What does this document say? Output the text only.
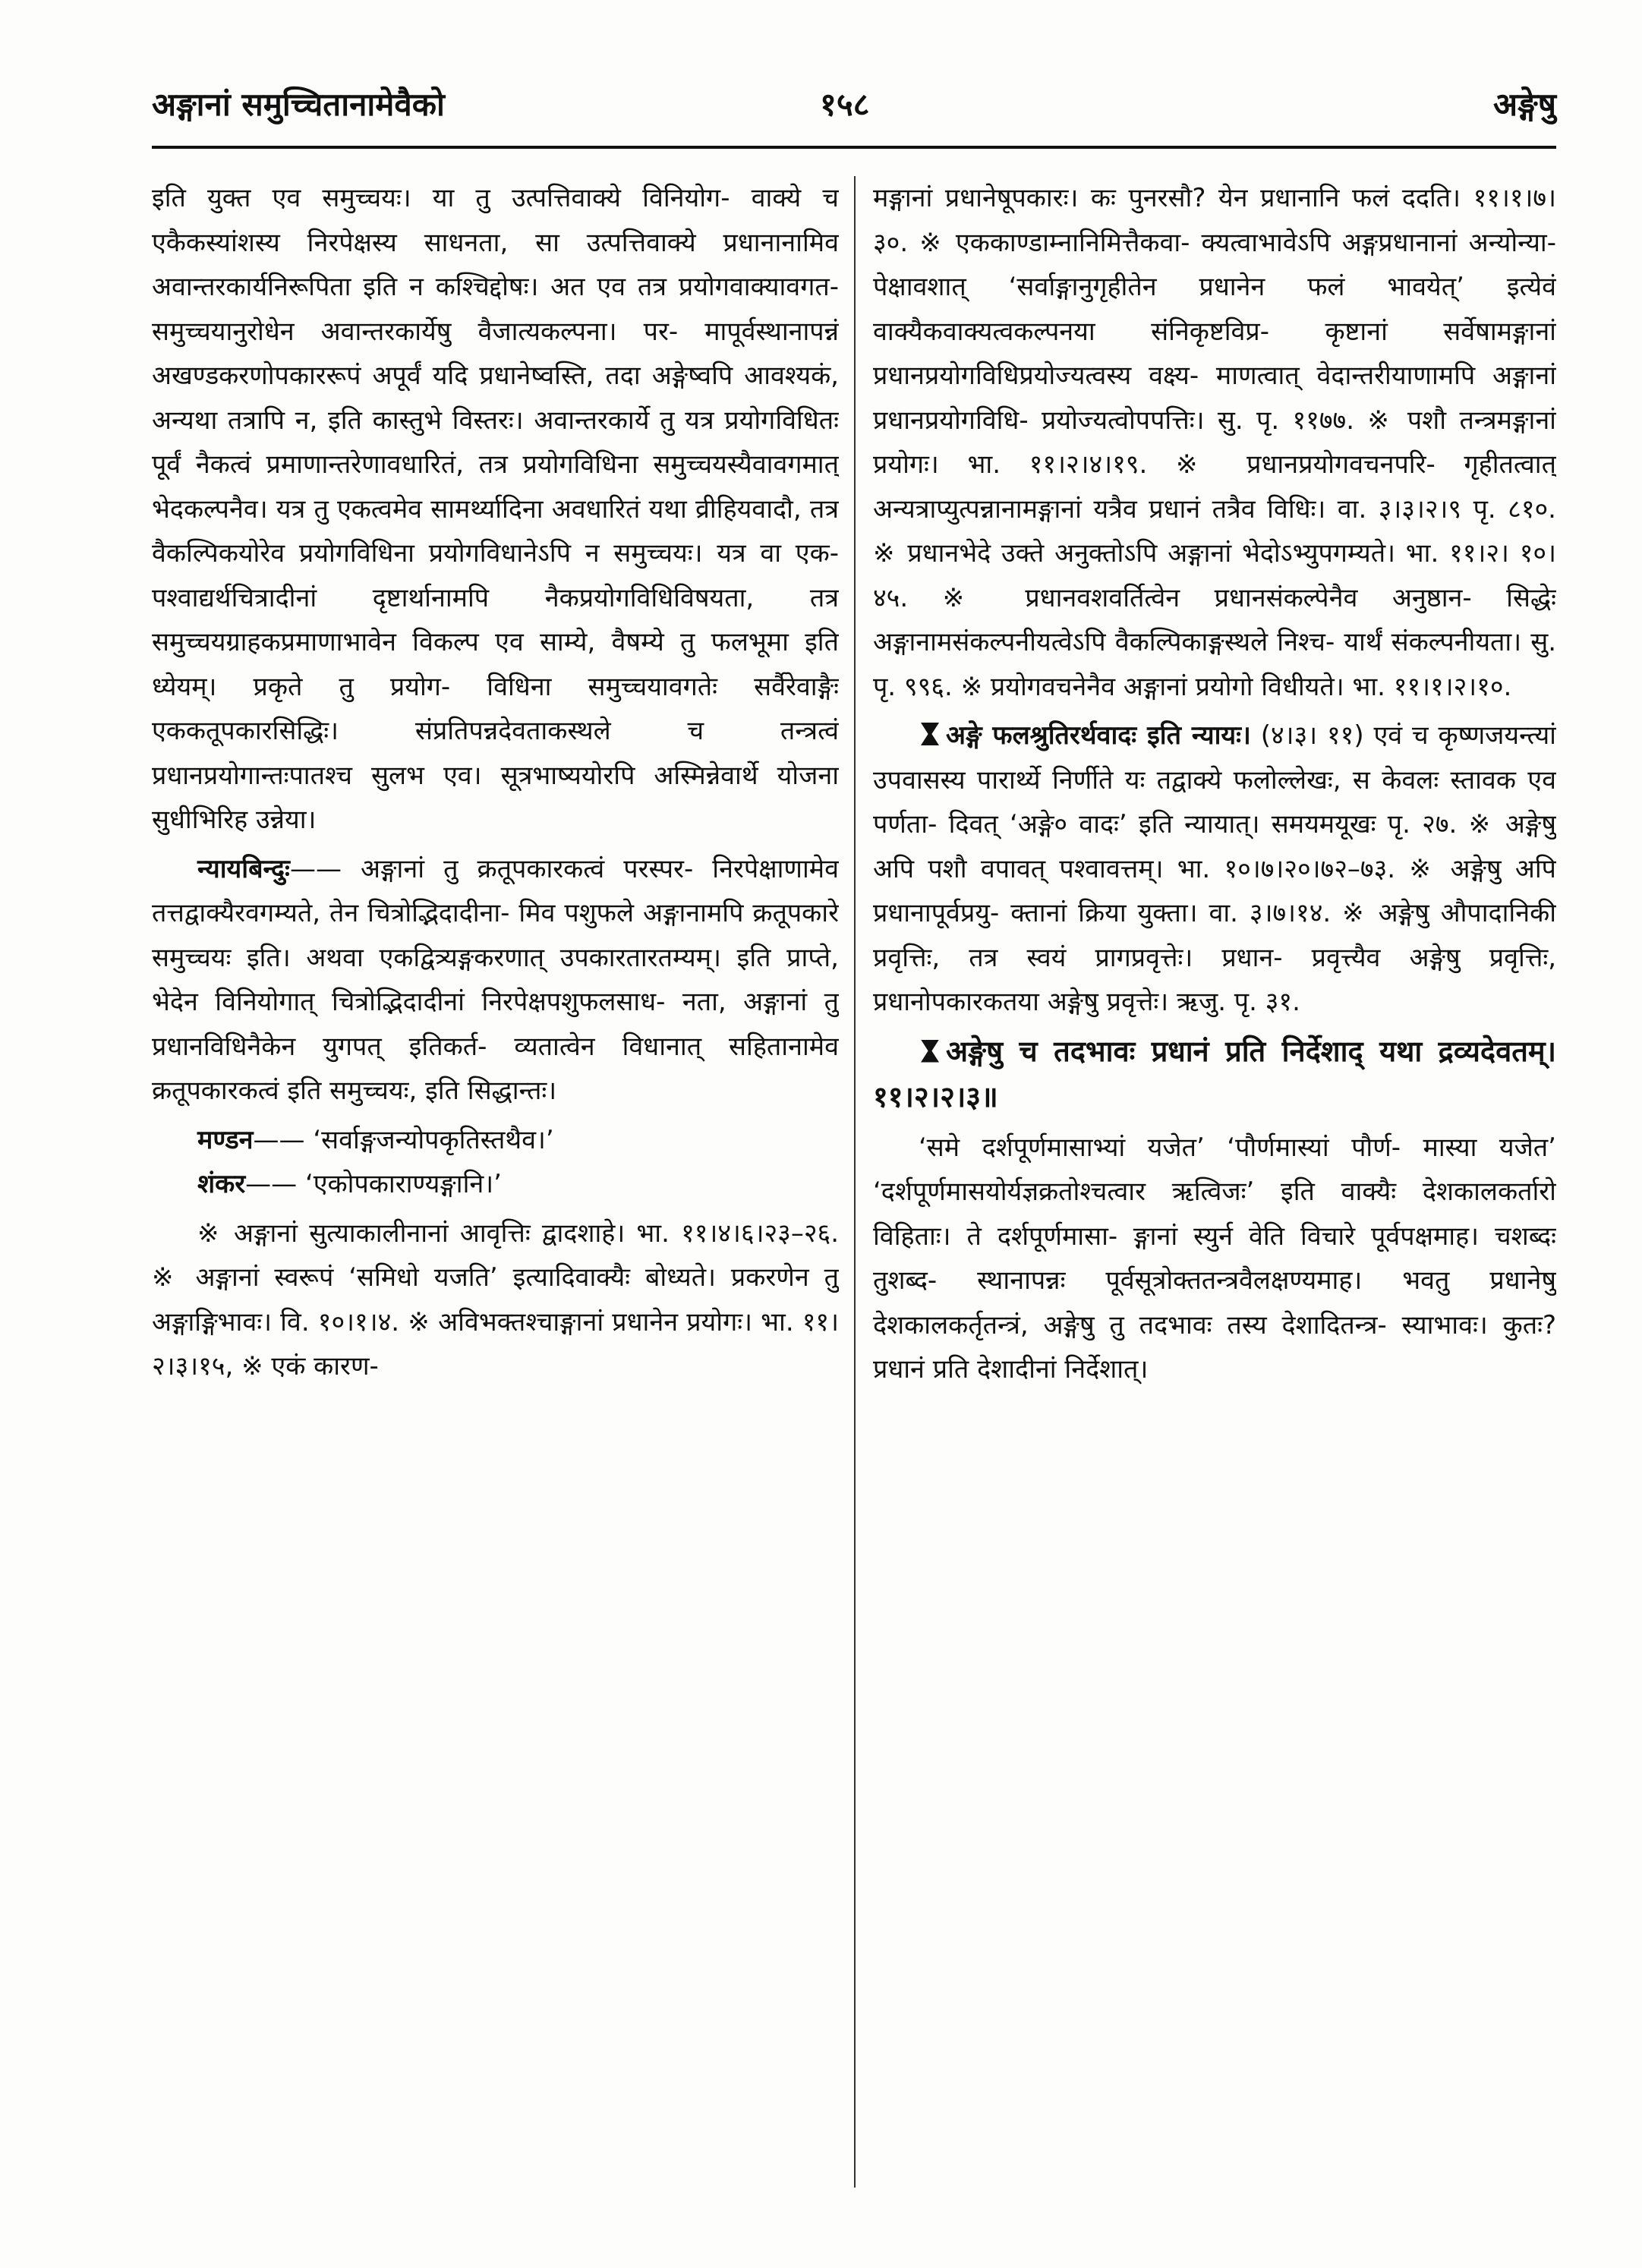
अङ्गानां समुच्चितानामेवैको	१५८	अङ्गेषु

इति युक्त एव समुच्चयः। या तु उत्पत्तिवाक्ये विनियोग- वाक्ये च एकैकस्यांशस्य निरपेक्षस्य साधनता, सा उत्पत्तिवाक्ये प्रधानानामिव अवान्तरकार्यनिरूपिता इति न कश्चिद्दोषः। अत एव तत्र प्रयोगवाक्यावगत- समुच्चयानुरोधेन अवान्तरकार्येषु वैजात्यकल्पना। पर- मापूर्वस्थानापन्नं अखण्डकरणोपकाररूपं अपूर्वं यदि प्रधानेष्वस्ति, तदा अङ्गेष्वपि आवश्यकं, अन्यथा तत्रापि न, इति कास्तुभे विस्तरः। अवान्तरकार्ये तु यत्र प्रयोगविधितः पूर्वं नैकत्वं प्रमाणान्तरेणावधारितं, तत्र प्रयोगविधिना समुच्चयस्यैवावगमात् भेदकल्पनैव। यत्र तु एकत्वमेव सामर्थ्यादिना अवधारितं यथा व्रीहियवादौ, तत्र वैकल्पिकयोरेव प्रयोगविधिना प्रयोगविधानेऽपि न समुच्चयः। यत्र वा एक- पश्वाद्यर्थचित्रादीनां दृष्टार्थानामपि नैकप्रयोगविधिविषयता, तत्र समुच्चयग्राहकप्रमाणाभावेन विकल्प एव साम्ये, वैषम्ये तु फलभूमा इति ध्येयम्। प्रकृते तु प्रयोग- विधिना समुच्चयावगतेः सर्वैरेवाङ्गैः एककतूपकारसिद्धिः। संप्रतिपन्नदेवताकस्थले च तन्त्रत्वं प्रधानप्रयोगान्तःपातश्च सुलभ एव। सूत्रभाष्ययोरपि अस्मिन्नेवार्थे योजना सुधीभिरिह उन्नेया।

न्यायबिन्दुः—— अङ्गानां तु क्रतूपकारकत्वं परस्पर- निरपेक्षाणामेव तत्तद्वाक्यैरवगम्यते, तेन चित्रोद्भिदादीना- मिव पशुफले अङ्गानामपि क्रतूपकारे समुच्चयः इति। अथवा एकद्वित्र्यङ्गकरणात् उपकारतारतम्यम्। इति प्राप्ते, भेदेन विनियोगात् चित्रोद्भिदादीनां निरपेक्षपशुफलसाध- नता, अङ्गानां तु प्रधानविधिनैकेन युगपत् इतिकर्त- व्यतात्वेन विधानात् सहितानामेव क्रतूपकारकत्वं इति समुच्चयः, इति सिद्धान्तः।

मण्डन—— ‘सर्वाङ्गजन्योपकृतिस्तथैव।’

शंकर—— ‘एकोपकाराण्यङ्गानि।’

※ अङ्गानां सुत्याकालीनानां आवृत्तिः द्वादशाहे। भा. ११।४।६।२३–२६. ※ अङ्गानां स्वरूपं ‘समिधो यजति’ इत्यादिवाक्यैः बोध्यते। प्रकरणेन तु अङ्गाङ्गिभावः। वि. १०।१।४. ※ अविभक्तश्चाङ्गानां प्रधानेन प्रयोगः। भा. ११।२।३।१५, ※ एकं कारण-

मङ्गानां प्रधानेषूपकारः। कः पुनरसौ? येन प्रधानानि फलं ददति। ११।१।७।३०. ※ एककाण्डाम्नानिमित्तैकवा- क्यत्वाभावेऽपि अङ्गप्रधानानां अन्योन्या- पेक्षावशात् ‘सर्वाङ्गानुगृहीतेन प्रधानेन फलं भावयेत्’ इत्येवं वाक्यैकवाक्यत्वकल्पनया संनिकृष्टविप्र- कृष्टानां सर्वेषामङ्गानां प्रधानप्रयोगविधिप्रयोज्यत्वस्य वक्ष्य- माणत्वात् वेदान्तरीयाणामपि अङ्गानां प्रधानप्रयोगविधि- प्रयोज्यत्वोपपत्तिः। सु. पृ. ११७७. ※ पशौ तन्त्रमङ्गानां प्रयोगः। भा. ११।२।४।१९. ※ प्रधानप्रयोगवचनपरि- गृहीतत्वात् अन्यत्राप्युत्पन्नानामङ्गानां यत्रैव प्रधानं तत्रैव विधिः। वा. ३।३।२।९ पृ. ८१०. ※ प्रधानभेदे उक्ते अनुक्तोऽपि अङ्गानां भेदोऽभ्युपगम्यते। भा. ११।२। १०।४५. ※ प्रधानवशवर्तित्वेन प्रधानसंकल्पेनैव अनुष्ठान- सिद्धेः अङ्गानामसंकल्पनीयत्वेऽपि वैकल्पिकाङ्गस्थले निश्च- यार्थं संकल्पनीयता। सु. पृ. ९९६. ※ प्रयोगवचनेनैव अङ्गानां प्रयोगो विधीयते। भा. ११।१।२।१०.

अङ्गे फलश्रुतिरर्थवादः इति न्यायः। (४।३। ११) एवं च कृष्णजयन्त्यां उपवासस्य पारार्थ्ये निर्णीते यः तद्वाक्ये फलोल्लेखः, स केवलः स्तावक एव पर्णता- दिवत् ‘अङ्गे० वादः’ इति न्यायात्। समयमयूखः पृ. २७. ※ अङ्गेषु अपि पशौ वपावत् पश्वावत्तम्। भा. १०।७।२०।७२–७३. ※ अङ्गेषु अपि प्रधानापूर्वप्रयु- क्तानां क्रिया युक्ता। वा. ३।७।१४. ※ अङ्गेषु औपादानिकी प्रवृत्तिः, तत्र स्वयं प्रागप्रवृत्तेः। प्रधान- प्रवृत्त्यैव अङ्गेषु प्रवृत्तिः, प्रधानोपकारकतया अङ्गेषु प्रवृत्तेः। ऋजु. पृ. ३१.

अङ्गेषु च तदभावः प्रधानं प्रति निर्देशाद् यथा द्रव्यदेवतम्। ११।२।२।३॥

‘समे दर्शपूर्णमासाभ्यां यजेत’ ‘पौर्णमास्यां पौर्ण- मास्या यजेत’ ‘दर्शपूर्णमासयोर्यज्ञक्रतोश्चत्वार ऋत्विजः’ इति वाक्यैः देशकालकर्तारो विहिताः। ते दर्शपूर्णमासा- ङ्गानां स्युर्न वेति विचारे पूर्वपक्षमाह। चशब्दः तुशब्द- स्थानापन्नः पूर्वसूत्रोक्ततन्त्रवैलक्षण्यमाह। भवतु प्रधानेषु देशकालकर्तृतन्त्रं, अङ्गेषु तु तदभावः तस्य देशादितन्त्र- स्याभावः। कुतः? प्रधानं प्रति देशादीनां निर्देशात्।
